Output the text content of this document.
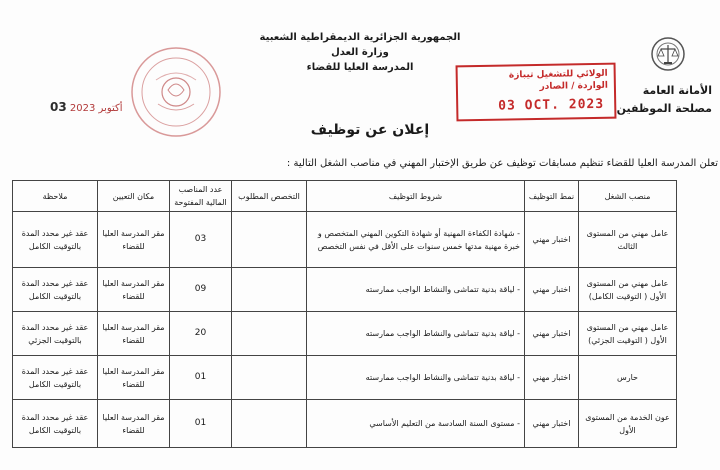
الجمهورية الجزائرية الديمقراطية الشعبية
وزارة العدل
المدرسة العليا للقضاء
الأمانة العامة
مصلحة الموظفين
أكتوبر 2023 03
الولائي للتشغيل تيبازة
الواردة / الصادر
03 OCT. 2023
إعلان عن توظيف
تعلن المدرسة العليا للقضاء تنظيم مسابقات توظيف عن طريق الإختبار المهني في مناصب الشغل التالية :
منصب الشغل	نمط التوظيف	شروط التوظيف	التخصص المطلوب	عدد المناصب المالية المفتوحة	مكان التعيين	ملاحظة
عامل مهني من المستوى الثالث	اختبار مهني	- شهادة الكفاءة المهنية أو شهادة التكوين المهني المتخصص و خبرة مهنية مدتها خمس سنوات على الأقل في نفس التخصص		03	مقر المدرسة العليا للقضاء	عقد غير محدد المدة بالتوقيت الكامل
عامل مهني من المستوى الأول ( التوقيت الكامل)	اختبار مهني	- لياقة بدنية تتماشى والنشاط الواجب ممارسته		09	مقر المدرسة العليا للقضاء	عقد غير محدد المدة بالتوقيت الكامل
عامل مهني من المستوى الأول ( التوقيت الجزئي)	اختبار مهني	- لياقة بدنية تتماشى والنشاط الواجب ممارسته		20	مقر المدرسة العليا للقضاء	عقد غير محدد المدة بالتوقيت الجزئي
حارس	اختبار مهني	- لياقة بدنية تتماشى والنشاط الواجب ممارسته		01	مقر المدرسة العليا للقضاء	عقد غير محدد المدة بالتوقيت الكامل
عون الخدمة من المستوى الأول	اختبار مهني	- مستوى السنة السادسة من التعليم الأساسي		01	مقر المدرسة العليا للقضاء	عقد غير محدد المدة بالتوقيت الكامل
